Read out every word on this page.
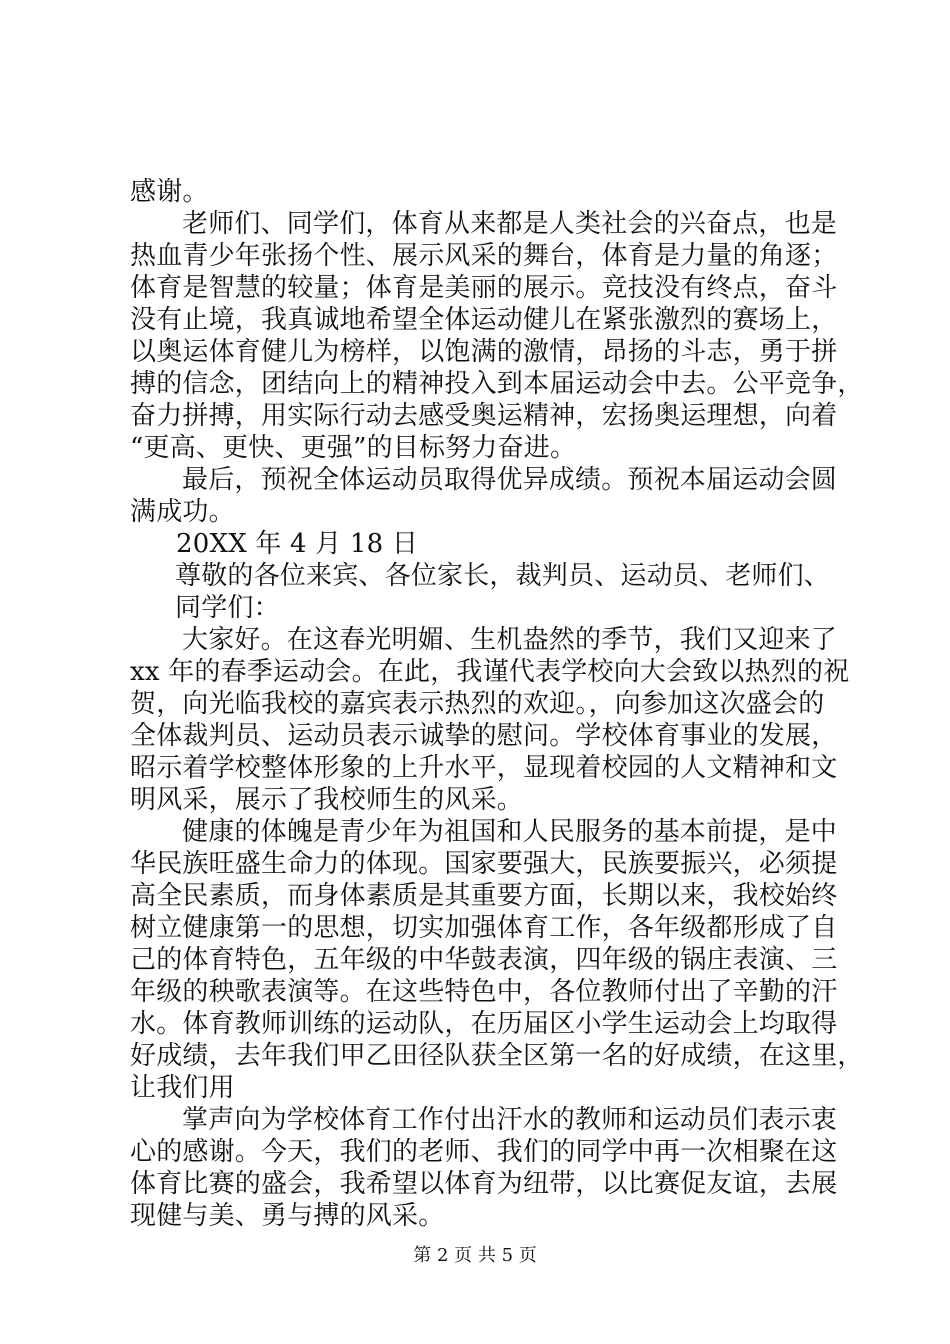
感谢。
老师们、同学们，体育从来都是人类社会的兴奋点，也是
热血青少年张扬个性、展示风采的舞台，体育是力量的角逐；
体育是智慧的较量；体育是美丽的展示。竞技没有终点，奋斗
没有止境，我真诚地希望全体运动健儿在紧张激烈的赛场上，
以奥运体育健儿为榜样，以饱满的激情，昂扬的斗志，勇于拼
搏的信念，团结向上的精神投入到本届运动会中去。公平竞争，
奋力拼搏，用实际行动去感受奥运精神，宏扬奥运理想，向着
“更高、更快、更强”的目标努力奋进。
最后，预祝全体运动员取得优异成绩。预祝本届运动会圆
满成功。
20XX 年 4 月 18 日
尊敬的各位来宾、各位家长，裁判员、运动员、老师们、
同学们：
大家好。在这春光明媚、生机盎然的季节，我们又迎来了
xx 年的春季运动会。在此，我谨代表学校向大会致以热烈的祝
贺，向光临我校的嘉宾表示热烈的欢迎。，向参加这次盛会的
全体裁判员、运动员表示诚挚的慰问。学校体育事业的发展，
昭示着学校整体形象的上升水平，显现着校园的人文精神和文
明风采，展示了我校师生的风采。
健康的体魄是青少年为祖国和人民服务的基本前提，是中
华民族旺盛生命力的体现。国家要强大，民族要振兴，必须提
高全民素质，而身体素质是其重要方面，长期以来，我校始终
树立健康第一的思想，切实加强体育工作，各年级都形成了自
己的体育特色，五年级的中华鼓表演，四年级的锅庄表演、三
年级的秧歌表演等。在这些特色中，各位教师付出了辛勤的汗
水。体育教师训练的运动队，在历届区小学生运动会上均取得
好成绩，去年我们甲乙田径队获全区第一名的好成绩，在这里，
让我们用
掌声向为学校体育工作付出汗水的教师和运动员们表示衷
心的感谢。今天，我们的老师、我们的同学中再一次相聚在这
体育比赛的盛会，我希望以体育为纽带，以比赛促友谊，去展
现健与美、勇与搏的风采。
第 2 页 共 5 页
